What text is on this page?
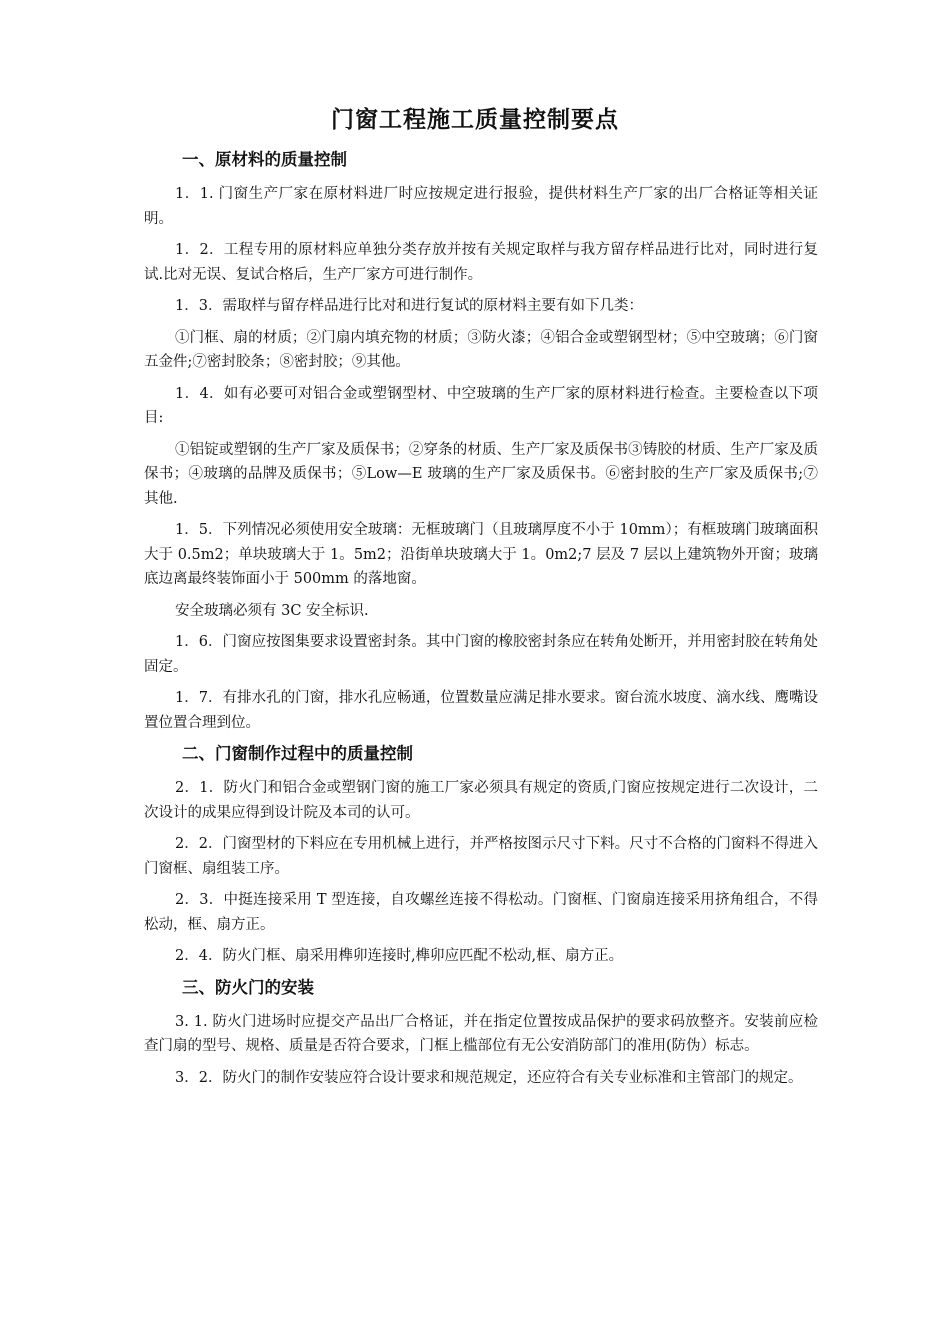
门窗工程施工质量控制要点
一、原材料的质量控制

1．1. 门窗生产厂家在原材料进厂时应按规定进行报验，提供材料生产厂家的出厂合格证等相关证明。

1．2．工程专用的原材料应单独分类存放并按有关规定取样与我方留存样品进行比对，同时进行复试.比对无误、复试合格后，生产厂家方可进行制作。

1．3．需取样与留存样品进行比对和进行复试的原材料主要有如下几类：

①门框、扇的材质；②门扇内填充物的材质；③防火漆；④铝合金或塑钢型材；⑤中空玻璃；⑥门窗五金件;⑦密封胶条；⑧密封胶；⑨其他。

1．4．如有必要可对铝合金或塑钢型材、中空玻璃的生产厂家的原材料进行检查。主要检查以下项目:

①铝锭或塑钢的生产厂家及质保书；②穿条的材质、生产厂家及质保书③铸胶的材质、生产厂家及质保书；④玻璃的品牌及质保书；⑤Low—E 玻璃的生产厂家及质保书。⑥密封胶的生产厂家及质保书;⑦其他.

1．5．下列情况必须使用安全玻璃：无框玻璃门（且玻璃厚度不小于 10mm）；有框玻璃门玻璃面积大于 0.5m2；单块玻璃大于 1。5m2；沿街单块玻璃大于 1。0m2;7 层及 7 层以上建筑物外开窗；玻璃底边离最终装饰面小于 500mm 的落地窗。

安全玻璃必须有 3C 安全标识.

1．6．门窗应按图集要求设置密封条。其中门窗的橡胶密封条应在转角处断开，并用密封胶在转角处固定。

1．7．有排水孔的门窗，排水孔应畅通，位置数量应满足排水要求。窗台流水坡度、滴水线、鹰嘴设置位置合理到位。

二、门窗制作过程中的质量控制

2．1．防火门和铝合金或塑钢门窗的施工厂家必须具有规定的资质,门窗应按规定进行二次设计，二次设计的成果应得到设计院及本司的认可。

2．2．门窗型材的下料应在专用机械上进行，并严格按图示尺寸下料。尺寸不合格的门窗料不得进入门窗框、扇组装工序。

2．3．中挺连接采用 T 型连接，自攻螺丝连接不得松动。门窗框、门窗扇连接采用挤角组合，不得松动，框、扇方正。

2．4．防火门框、扇采用榫卯连接时,榫卯应匹配不松动,框、扇方正。

三、防火门的安装

3. 1. 防火门进场时应提交产品出厂合格证，并在指定位置按成品保护的要求码放整齐。安装前应检查门扇的型号、规格、质量是否符合要求，门框上槛部位有无公安消防部门的准用(防伪）标志。

3．2．防火门的制作安装应符合设计要求和规范规定，还应符合有关专业标准和主管部门的规定。
